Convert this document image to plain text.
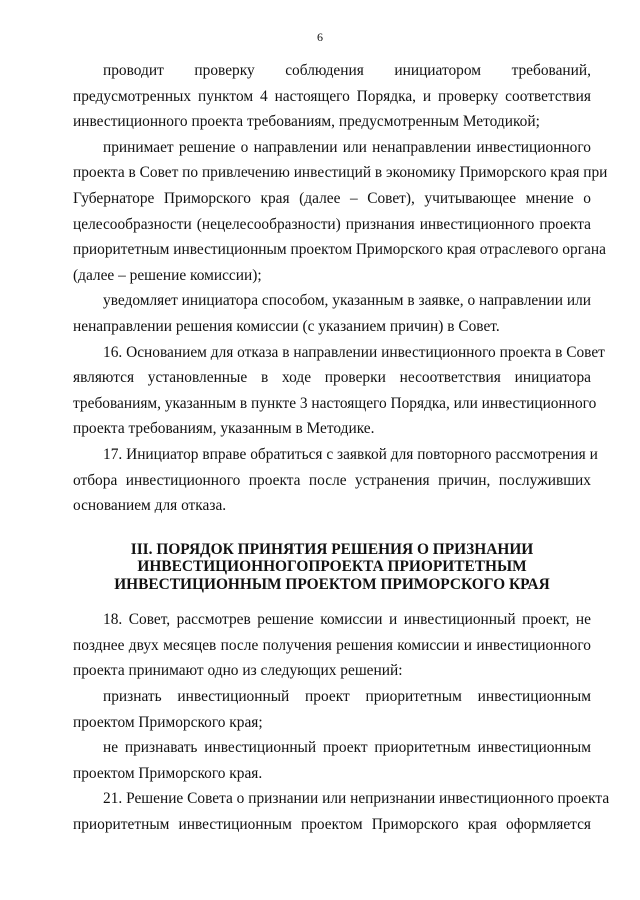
6
проводит проверку соблюдения инициатором требований,
предусмотренных пунктом 4 настоящего Порядка, и проверку соответствия
инвестиционного проекта требованиям, предусмотренным Методикой;
принимает решение о направлении или ненаправлении инвестиционного
проекта в Совет по привлечению инвестиций в экономику Приморского края при
Губернаторе Приморского края (далее – Совет), учитывающее мнение о
целесообразности (нецелесообразности) признания инвестиционного проекта
приоритетным инвестиционным проектом Приморского края отраслевого органа
(далее – решение комиссии);
уведомляет инициатора способом, указанным в заявке, о направлении или
ненаправлении решения комиссии (с указанием причин) в Совет.
16. Основанием для отказа в направлении инвестиционного проекта в Совет
являются установленные в ходе проверки несоответствия инициатора
требованиям, указанным в пункте 3 настоящего Порядка, или инвестиционного
проекта требованиям, указанным в Методике.
17. Инициатор вправе обратиться с заявкой для повторного рассмотрения и
отбора инвестиционного проекта после устранения причин, послуживших
основанием для отказа.
III. ПОРЯДОК ПРИНЯТИЯ РЕШЕНИЯ О ПРИЗНАНИИ
ИНВЕСТИЦИОННОГОПРОЕКТА ПРИОРИТЕТНЫМ
ИНВЕСТИЦИОННЫМ ПРОЕКТОМ ПРИМОРСКОГО КРАЯ
18. Совет, рассмотрев решение комиссии и инвестиционный проект, не
позднее двух месяцев после получения решения комиссии и инвестиционного
проекта принимают одно из следующих решений:
признать инвестиционный проект приоритетным инвестиционным
проектом Приморского края;
не признавать инвестиционный проект приоритетным инвестиционным
проектом Приморского края.
21. Решение Совета о признании или непризнании инвестиционного проекта
приоритетным инвестиционным проектом Приморского края оформляется
